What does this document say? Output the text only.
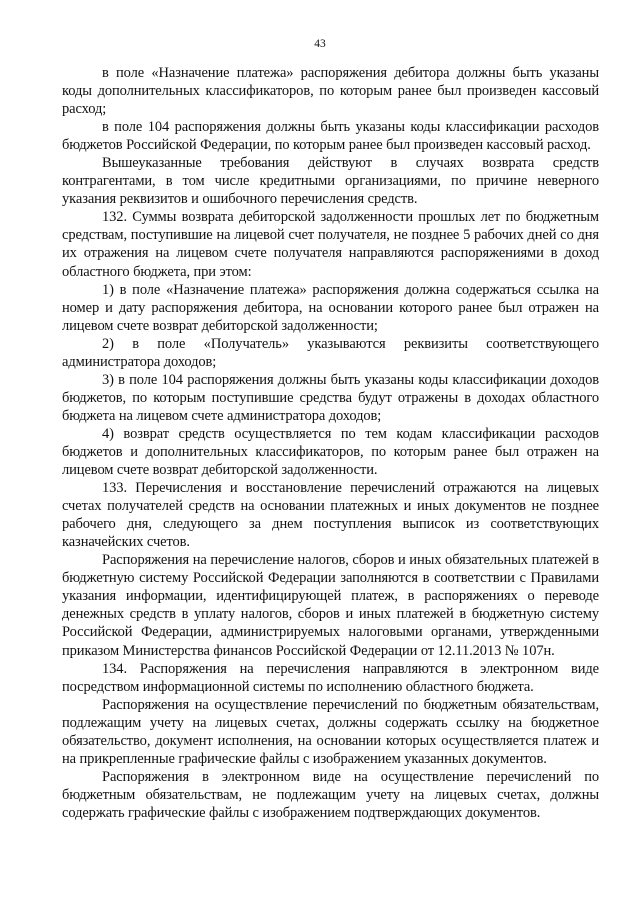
43

в поле «Назначение платежа» распоряжения дебитора должны быть указаны коды дополнительных классификаторов, по которым ранее был произведен кассовый расход;

в поле 104 распоряжения должны быть указаны коды классификации расходов бюджетов Российской Федерации, по которым ранее был произведен кассовый расход.

Вышеуказанные требования действуют в случаях возврата средств контрагентами, в том числе кредитными организациями, по причине неверного указания реквизитов и ошибочного перечисления средств.

132. Суммы возврата дебиторской задолженности прошлых лет по бюджетным средствам, поступившие на лицевой счет получателя, не позднее 5 рабочих дней со дня их отражения на лицевом счете получателя направляются распоряжениями в доход областного бюджета, при этом:

1) в поле «Назначение платежа» распоряжения должна содержаться ссылка на номер и дату распоряжения дебитора, на основании которого ранее был отражен на лицевом счете возврат дебиторской задолженности;

2) в поле «Получатель» указываются реквизиты соответствующего администратора доходов;

3) в поле 104 распоряжения должны быть указаны коды классификации доходов бюджетов, по которым поступившие средства будут отражены в доходах областного бюджета на лицевом счете администратора доходов;

4) возврат средств осуществляется по тем кодам классификации расходов бюджетов и дополнительных классификаторов, по которым ранее был отражен на лицевом счете возврат дебиторской задолженности.

133. Перечисления и восстановление перечислений отражаются на лицевых счетах получателей средств на основании платежных и иных документов не позднее рабочего дня, следующего за днем поступления выписок из соответствующих казначейских счетов.

Распоряжения на перечисление налогов, сборов и иных обязательных платежей в бюджетную систему Российской Федерации заполняются в соответствии с Правилами указания информации, идентифицирующей платеж, в распоряжениях о переводе денежных средств в уплату налогов, сборов и иных платежей в бюджетную систему Российской Федерации, администрируемых налоговыми органами, утвержденными приказом Министерства финансов Российской Федерации от 12.11.2013 № 107н.

134. Распоряжения на перечисления направляются в электронном виде посредством информационной системы по исполнению областного бюджета.

Распоряжения на осуществление перечислений по бюджетным обязательствам, подлежащим учету на лицевых счетах, должны содержать ссылку на бюджетное обязательство, документ исполнения, на основании которых осуществляется платеж и на прикрепленные графические файлы с изображением указанных документов.

Распоряжения в электронном виде на осуществление перечислений по бюджетным обязательствам, не подлежащим учету на лицевых счетах, должны содержать графические файлы с изображением подтверждающих документов.
